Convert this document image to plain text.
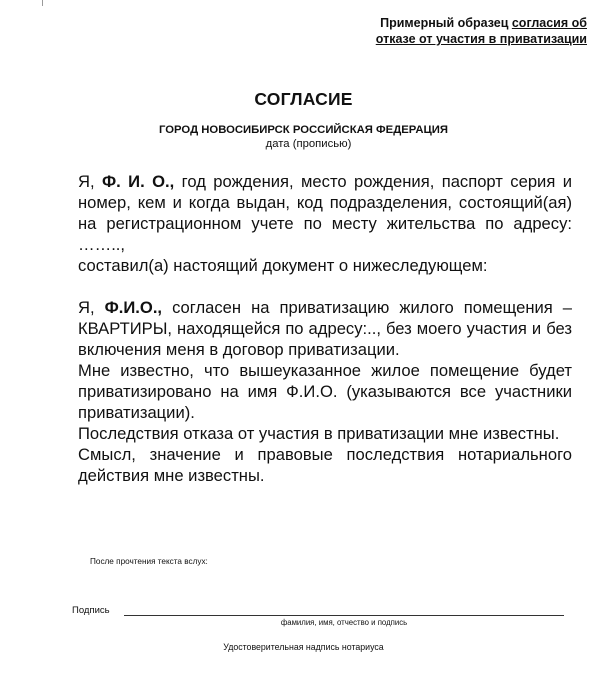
Примерный образец согласия об
отказе от участия в приватизации
СОГЛАСИЕ
ГОРОД НОВОСИБИРСК РОССИЙСКАЯ ФЕДЕРАЦИЯ
дата (прописью)

Я, Ф. И. О., год рождения, место рождения, паспорт серия и номер, кем и когда выдан, код подразделения, состоящий(ая) на регистрационном учете по месту жительства по адресу: ……..,

составил(а) настоящий документ о нижеследующем:

Я, Ф.И.О., согласен на приватизацию жилого помещения – КВАРТИРЫ, находящейся по адресу:.., без моего участия и без включения меня в договор приватизации.

Мне известно, что вышеуказанное жилое помещение будет приватизировано на имя Ф.И.О. (указываются все участники приватизации).

Последствия отказа от участия в приватизации мне известны.

Смысл, значение и правовые последствия нотариального действия мне известны.

После прочтения текста вслух:
Подпись
фамилия, имя, отчество и подпись
Удостоверительная надпись нотариуса
